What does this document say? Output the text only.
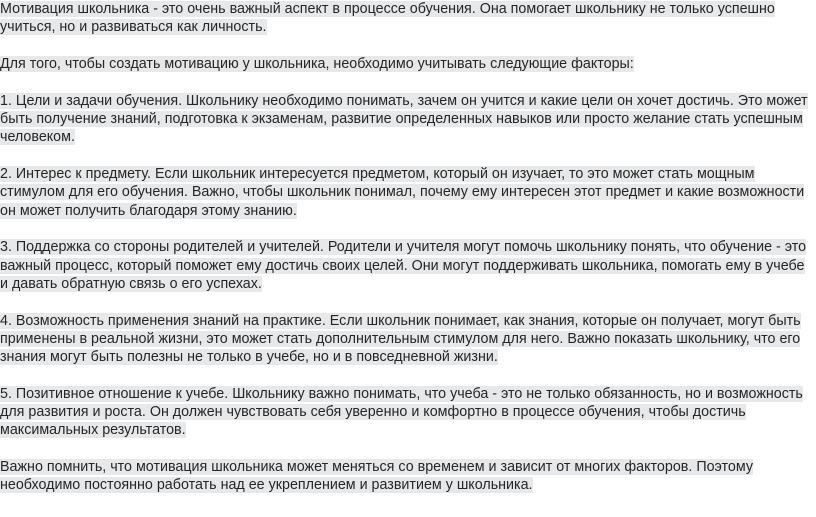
Мотивация школьника - это очень важный аспект в процессе обучения. Она помогает школьнику не только успешно учиться, но и развиваться как личность.

Для того, чтобы создать мотивацию у школьника, необходимо учитывать следующие факторы:

1. Цели и задачи обучения. Школьнику необходимо понимать, зачем он учится и какие цели он хочет достичь. Это может быть получение знаний, подготовка к экзаменам, развитие определенных навыков или просто желание стать успешным человеком.

2. Интерес к предмету. Если школьник интересуется предметом, который он изучает, то это может стать мощным стимулом для его обучения. Важно, чтобы школьник понимал, почему ему интересен этот предмет и какие возможности он может получить благодаря этому знанию.

3. Поддержка со стороны родителей и учителей. Родители и учителя могут помочь школьнику понять, что обучение - это важный процесс, который поможет ему достичь своих целей. Они могут поддерживать школьника, помогать ему в учебе и давать обратную связь о его успехах.

4. Возможность применения знаний на практике. Если школьник понимает, как знания, которые он получает, могут быть применены в реальной жизни, это может стать дополнительным стимулом для него. Важно показать школьнику, что его знания могут быть полезны не только в учебе, но и в повседневной жизни.

5. Позитивное отношение к учебе. Школьнику важно понимать, что учеба - это не только обязанность, но и возможность для развития и роста. Он должен чувствовать себя уверенно и комфортно в процессе обучения, чтобы достичь максимальных результатов.

Важно помнить, что мотивация школьника может меняться со временем и зависит от многих факторов. Поэтому необходимо постоянно работать над ее укреплением и развитием у школьника.
